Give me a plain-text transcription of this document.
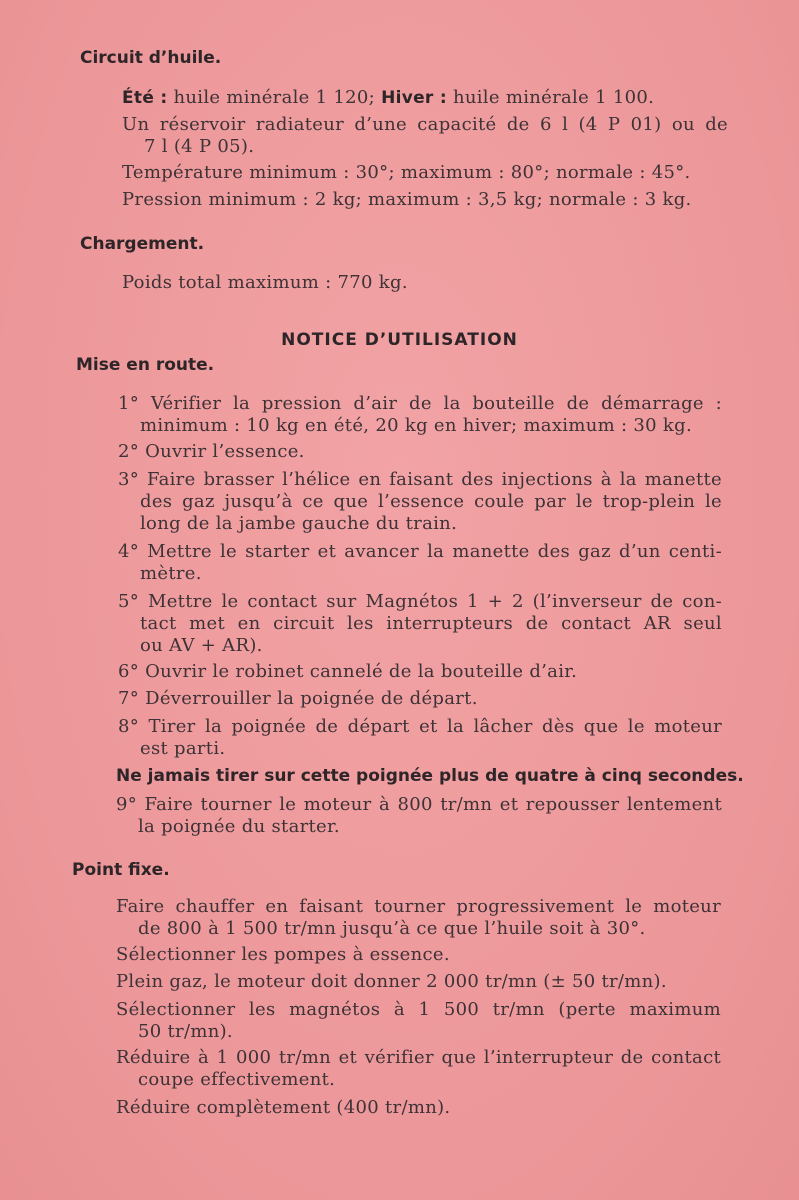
Circuit d’huile.
Été : huile minérale 1 120; Hiver : huile minérale 1 100.
Un réservoir radiateur d’une capacité de 6 l (4 P 01) ou de
7 l (4 P 05).
Température minimum : 30°; maximum : 80°; normale : 45°.
Pression minimum : 2 kg; maximum : 3,5 kg; normale : 3 kg.
Chargement.
Poids total maximum : 770 kg.
NOTICE D’UTILISATION
Mise en route.
1° Vérifier la pression d’air de la bouteille de démarrage :
minimum : 10 kg en été, 20 kg en hiver; maximum : 30 kg.
2° Ouvrir l’essence.
3° Faire brasser l’hélice en faisant des injections à la manette
des gaz jusqu’à ce que l’essence coule par le trop-plein le
long de la jambe gauche du train.
4° Mettre le starter et avancer la manette des gaz d’un centi-
mètre.
5° Mettre le contact sur Magnétos 1 + 2 (l’inverseur de con-
tact met en circuit les interrupteurs de contact AR seul
ou AV + AR).
6° Ouvrir le robinet cannelé de la bouteille d’air.
7° Déverrouiller la poignée de départ.
8° Tirer la poignée de départ et la lâcher dès que le moteur
est parti.
Ne jamais tirer sur cette poignée plus de quatre à cinq secondes.
9° Faire tourner le moteur à 800 tr/mn et repousser lentement
la poignée du starter.
Point fixe.
Faire chauffer en faisant tourner progressivement le moteur
de 800 à 1 500 tr/mn jusqu’à ce que l’huile soit à 30°.
Sélectionner les pompes à essence.
Plein gaz, le moteur doit donner 2 000 tr/mn (± 50 tr/mn).
Sélectionner les magnétos à 1 500 tr/mn (perte maximum
50 tr/mn).
Réduire à 1 000 tr/mn et vérifier que l’interrupteur de contact
coupe effectivement.
Réduire complètement (400 tr/mn).
